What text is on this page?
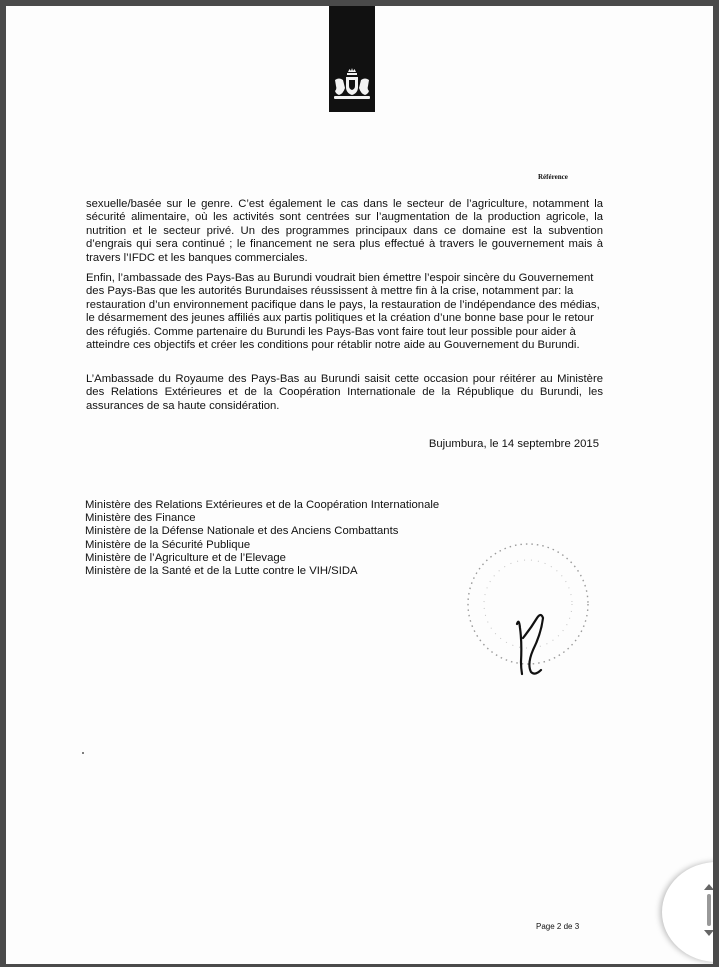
Référence

sexuelle/basée sur le genre. C’est également le cas dans le secteur de l’agriculture, notamment la sécurité alimentaire, où les activités sont centrées sur l’augmentation de la production agricole, la nutrition et le secteur privé. Un des programmes principaux dans ce domaine est la subvention d’engrais qui sera continué ; le financement ne sera plus effectué à travers le gouvernement mais à travers l’IFDC et les banques commerciales.

Enfin, l’ambassade des Pays-Bas au Burundi voudrait bien émettre l’espoir sincère du Gouvernement des Pays-Bas que les autorités Burundaises réussissent à mettre fin à la crise, notamment par: la restauration d’un environnement pacifique dans le pays, la restauration de l’indépendance des médias, le désarmement des jeunes affiliés aux partis politiques et la création d’une bonne base pour le retour des réfugiés. Comme partenaire du Burundi les Pays-Bas vont faire tout leur possible pour aider à atteindre ces objectifs et créer les conditions pour rétablir notre aide au Gouvernement du Burundi.

L’Ambassade du Royaume des Pays-Bas au Burundi saisit cette occasion pour réitérer au Ministère des Relations Extérieures et de la Coopération Internationale de la République du Burundi, les assurances de sa haute considération.

Bujumbura, le 14 septembre 2015
Ministère des Relations Extérieures et de la Coopération Internationale
Ministère des Finance
Ministère de la Défense Nationale et des Anciens Combattants
Ministère de la Sécurité Publique
Ministère de l’Agriculture et de l’Elevage
Ministère de la Santé et de la Lutte contre le VIH/SIDA
Page 2 de 3
